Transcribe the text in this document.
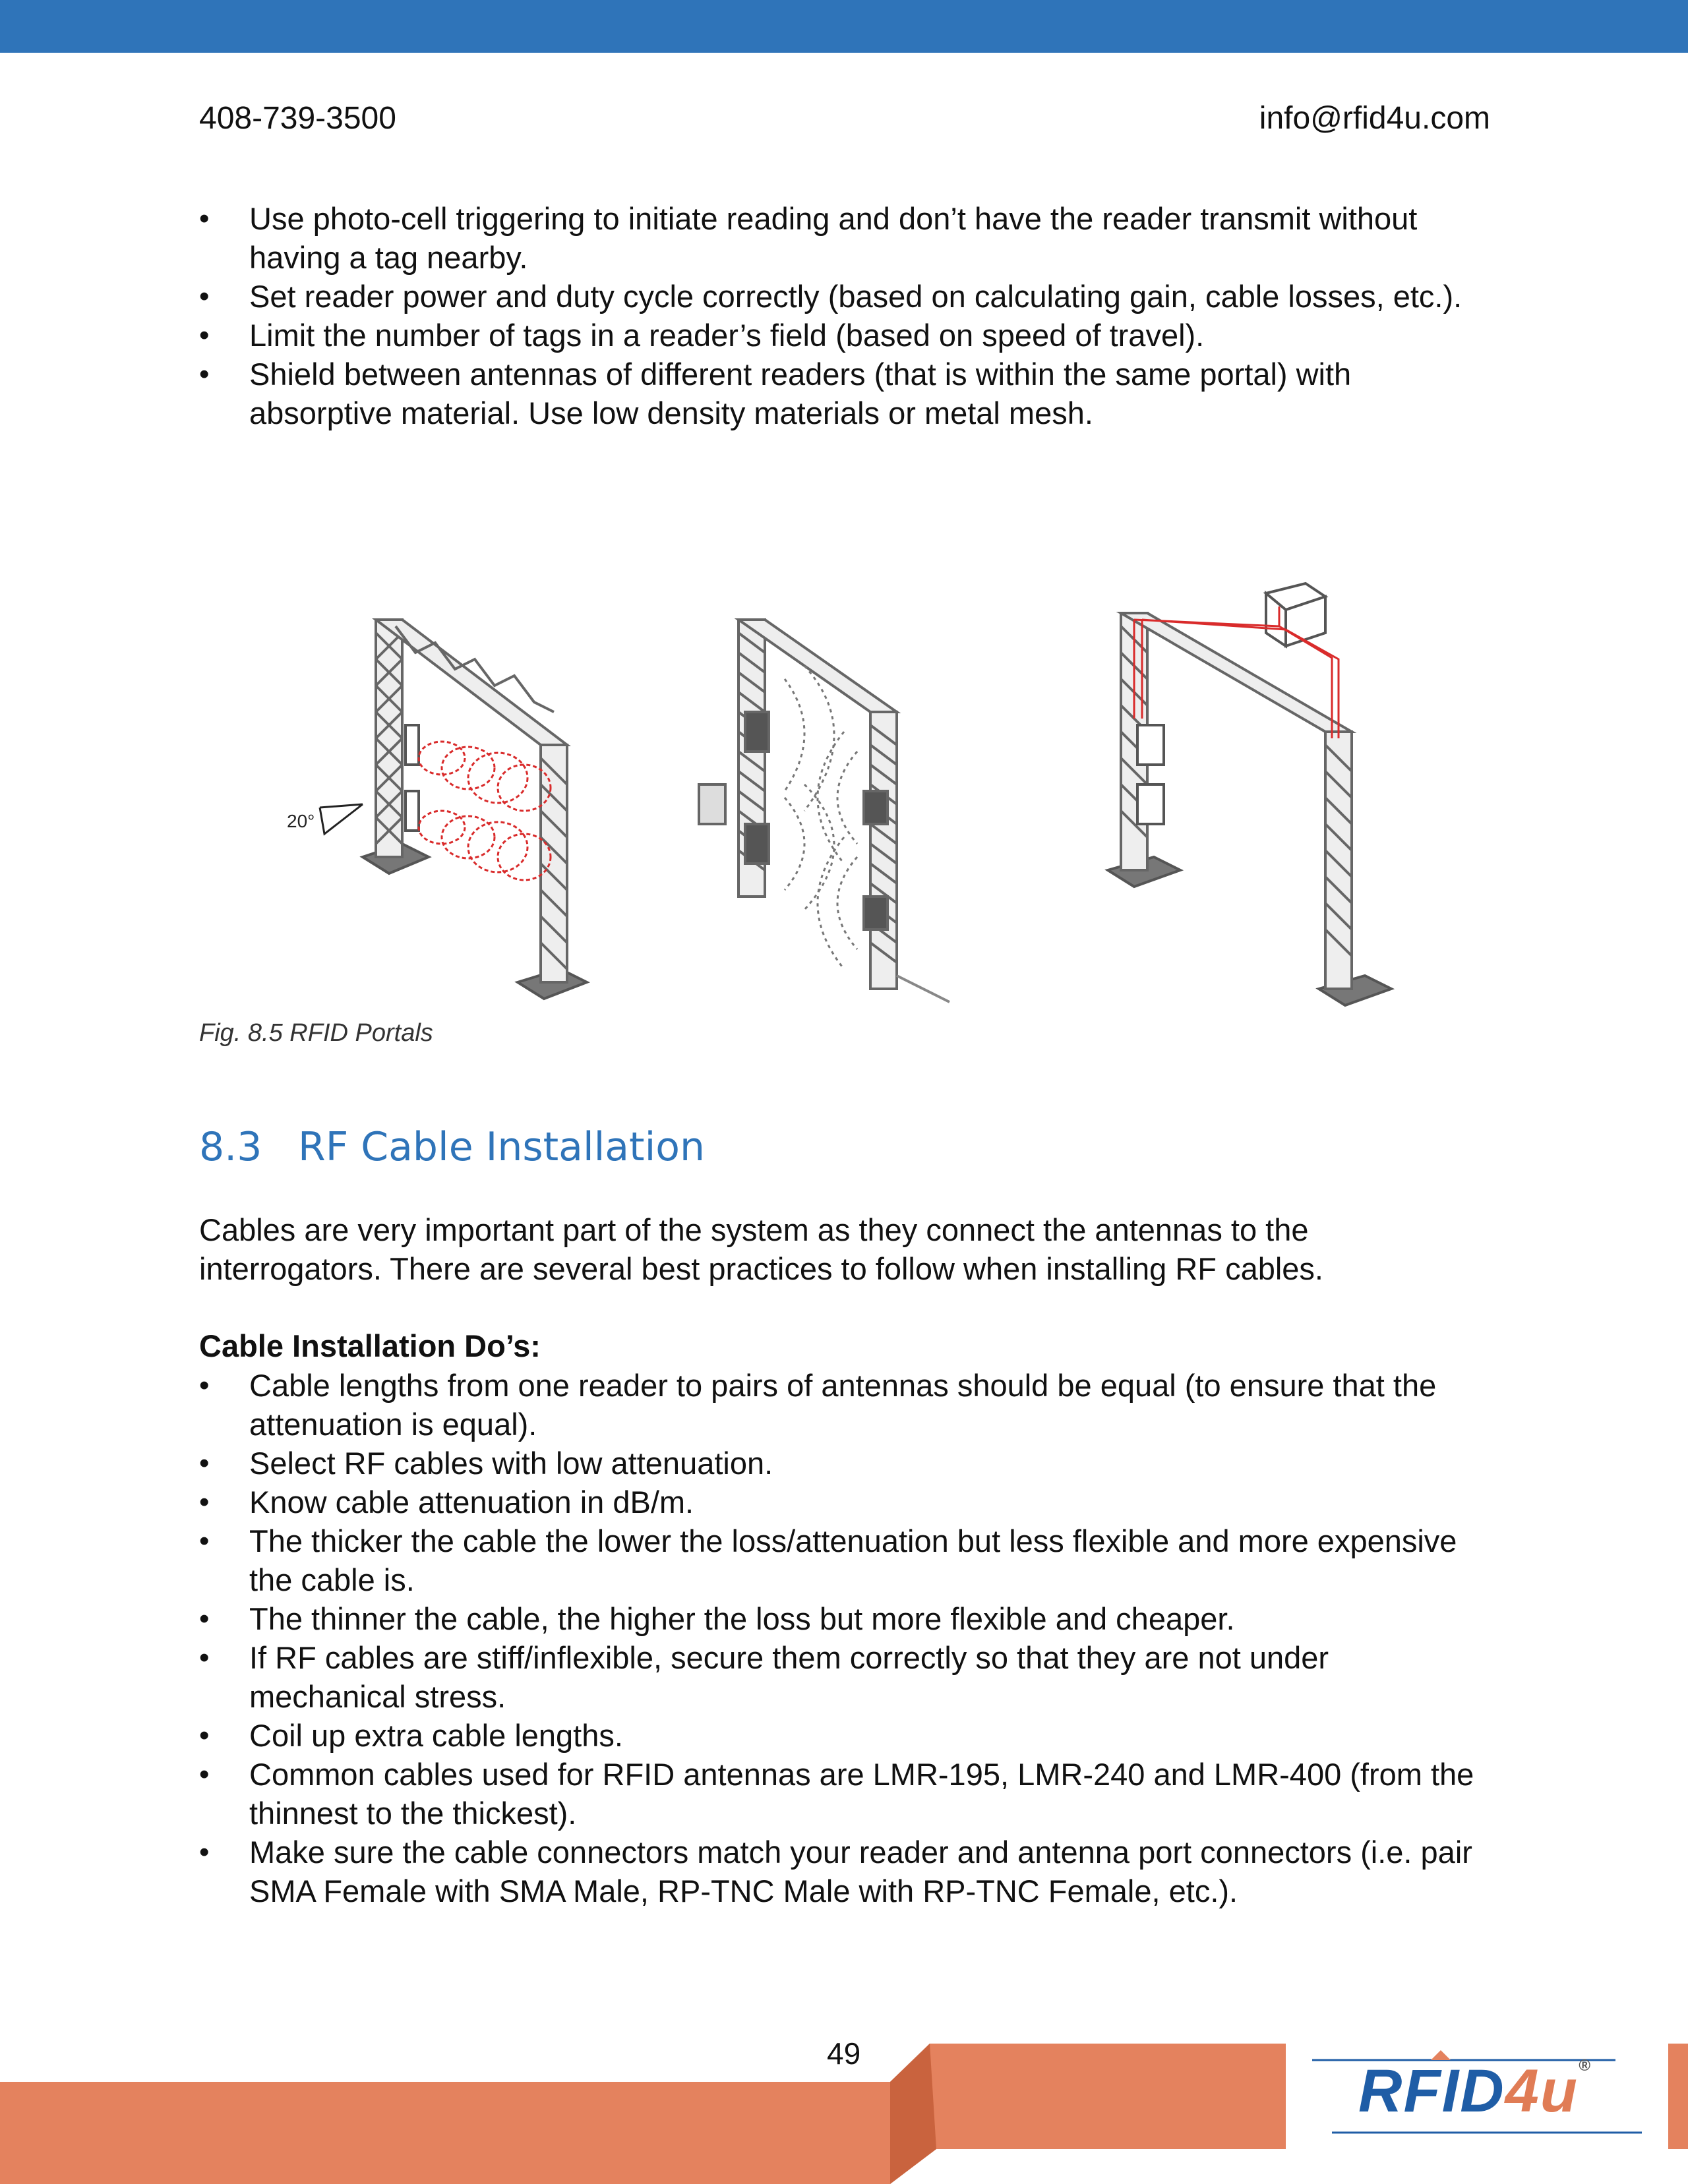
408-739-3500	info@rfid4u.com
• Use photo-cell triggering to initiate reading and don’t have the reader transmit without having a tag nearby.
• Set reader power and duty cycle correctly (based on calculating gain, cable losses, etc.).
• Limit the number of tags in a reader’s field (based on speed of travel).
• Shield between antennas of different readers (that is within the same portal) with absorptive material. Use low density materials or metal mesh.
20°
Fig. 8.5 RFID Portals
8.3 RF Cable Installation

Cables are very important part of the system as they connect the antennas to the interrogators. There are several best practices to follow when installing RF cables.

Cable Installation Do’s:

• Cable lengths from one reader to pairs of antennas should be equal (to ensure that the attenuation is equal).
• Select RF cables with low attenuation.
• Know cable attenuation in dB/m.
• The thicker the cable the lower the loss/attenuation but less flexible and more expensive the cable is.
• The thinner the cable, the higher the loss but more flexible and cheaper.
• If RF cables are stiff/inflexible, secure them correctly so that they are not under mechanical stress.
• Coil up extra cable lengths.
• Common cables used for RFID antennas are LMR-195, LMR-240 and LMR-400 (from the thinnest to the thickest).
• Make sure the cable connectors match your reader and antenna port connectors (i.e. pair SMA Female with SMA Male, RP-TNC Male with RP-TNC Female, etc.).
49
RFID4u®
